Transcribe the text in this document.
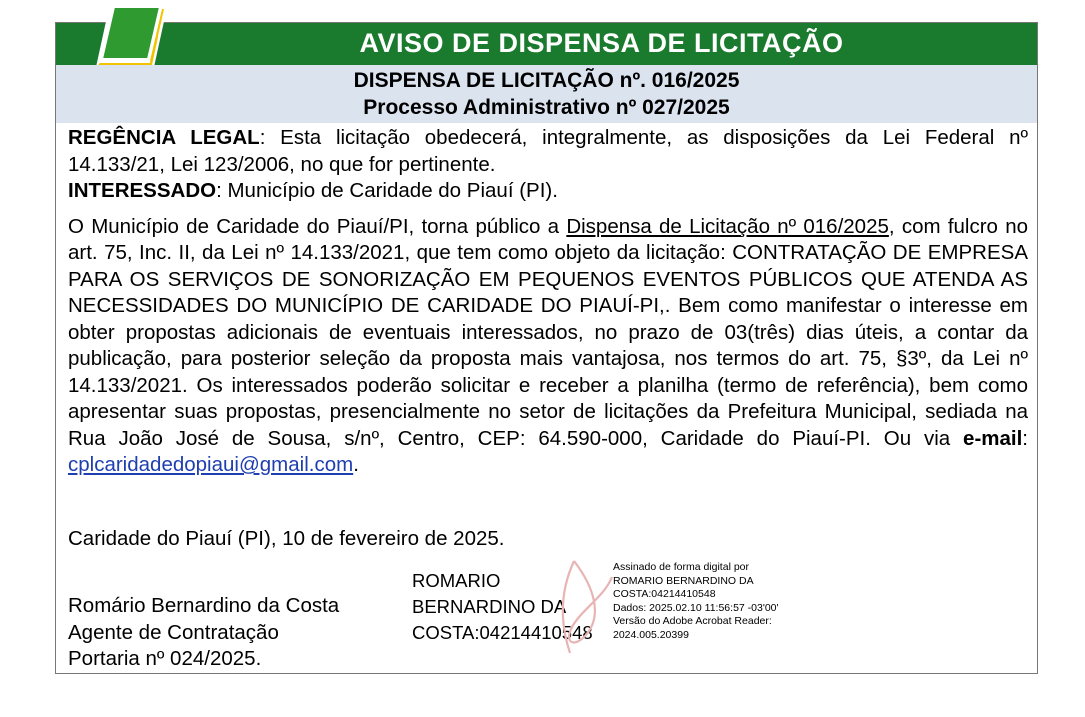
AVISO DE DISPENSA DE LICITAÇÃO
DISPENSA DE LICITAÇÃO nº. 016/2025
Processo Administrativo nº 027/2025

REGÊNCIA LEGAL: Esta licitação obedecerá, integralmente, as disposições da Lei Federal nº 14.133/21, Lei 123/2006, no que for pertinente.

INTERESSADO: Município de Caridade do Piauí (PI).

O Município de Caridade do Piauí/PI, torna público a Dispensa de Licitação nº 016/2025, com fulcro no art. 75, Inc. II, da Lei nº 14.133/2021, que tem como objeto da licitação: CONTRATAÇÃO DE EMPRESA PARA OS SERVIÇOS DE SONORIZAÇÃO EM PEQUENOS EVENTOS PÚBLICOS QUE ATENDA AS NECESSIDADES DO MUNICÍPIO DE CARIDADE DO PIAUÍ-PI,. Bem como manifestar o interesse em obter propostas adicionais de eventuais interessados, no prazo de 03(três) dias úteis, a contar da publicação, para posterior seleção da proposta mais vantajosa, nos termos do art. 75, §3º, da Lei nº 14.133/2021. Os interessados poderão solicitar e receber a planilha (termo de referência), bem como apresentar suas propostas, presencialmente no setor de licitações da Prefeitura Municipal, sediada na Rua João José de Sousa, s/nº, Centro, CEP: 64.590-000, Caridade do Piauí-PI. Ou via e-mail: cplcaridadedopiaui@gmail.com.

Caridade do Piauí (PI), 10 de fevereiro de 2025.
Romário Bernardino da Costa
Agente de Contratação
Portaria nº 024/2025.
ROMARIO
BERNARDINO DA
COSTA:04214410548
Assinado de forma digital por
ROMARIO BERNARDINO DA
COSTA:04214410548
Dados: 2025.02.10 11:56:57 -03'00'
Versão do Adobe Acrobat Reader:
2024.005.20399
